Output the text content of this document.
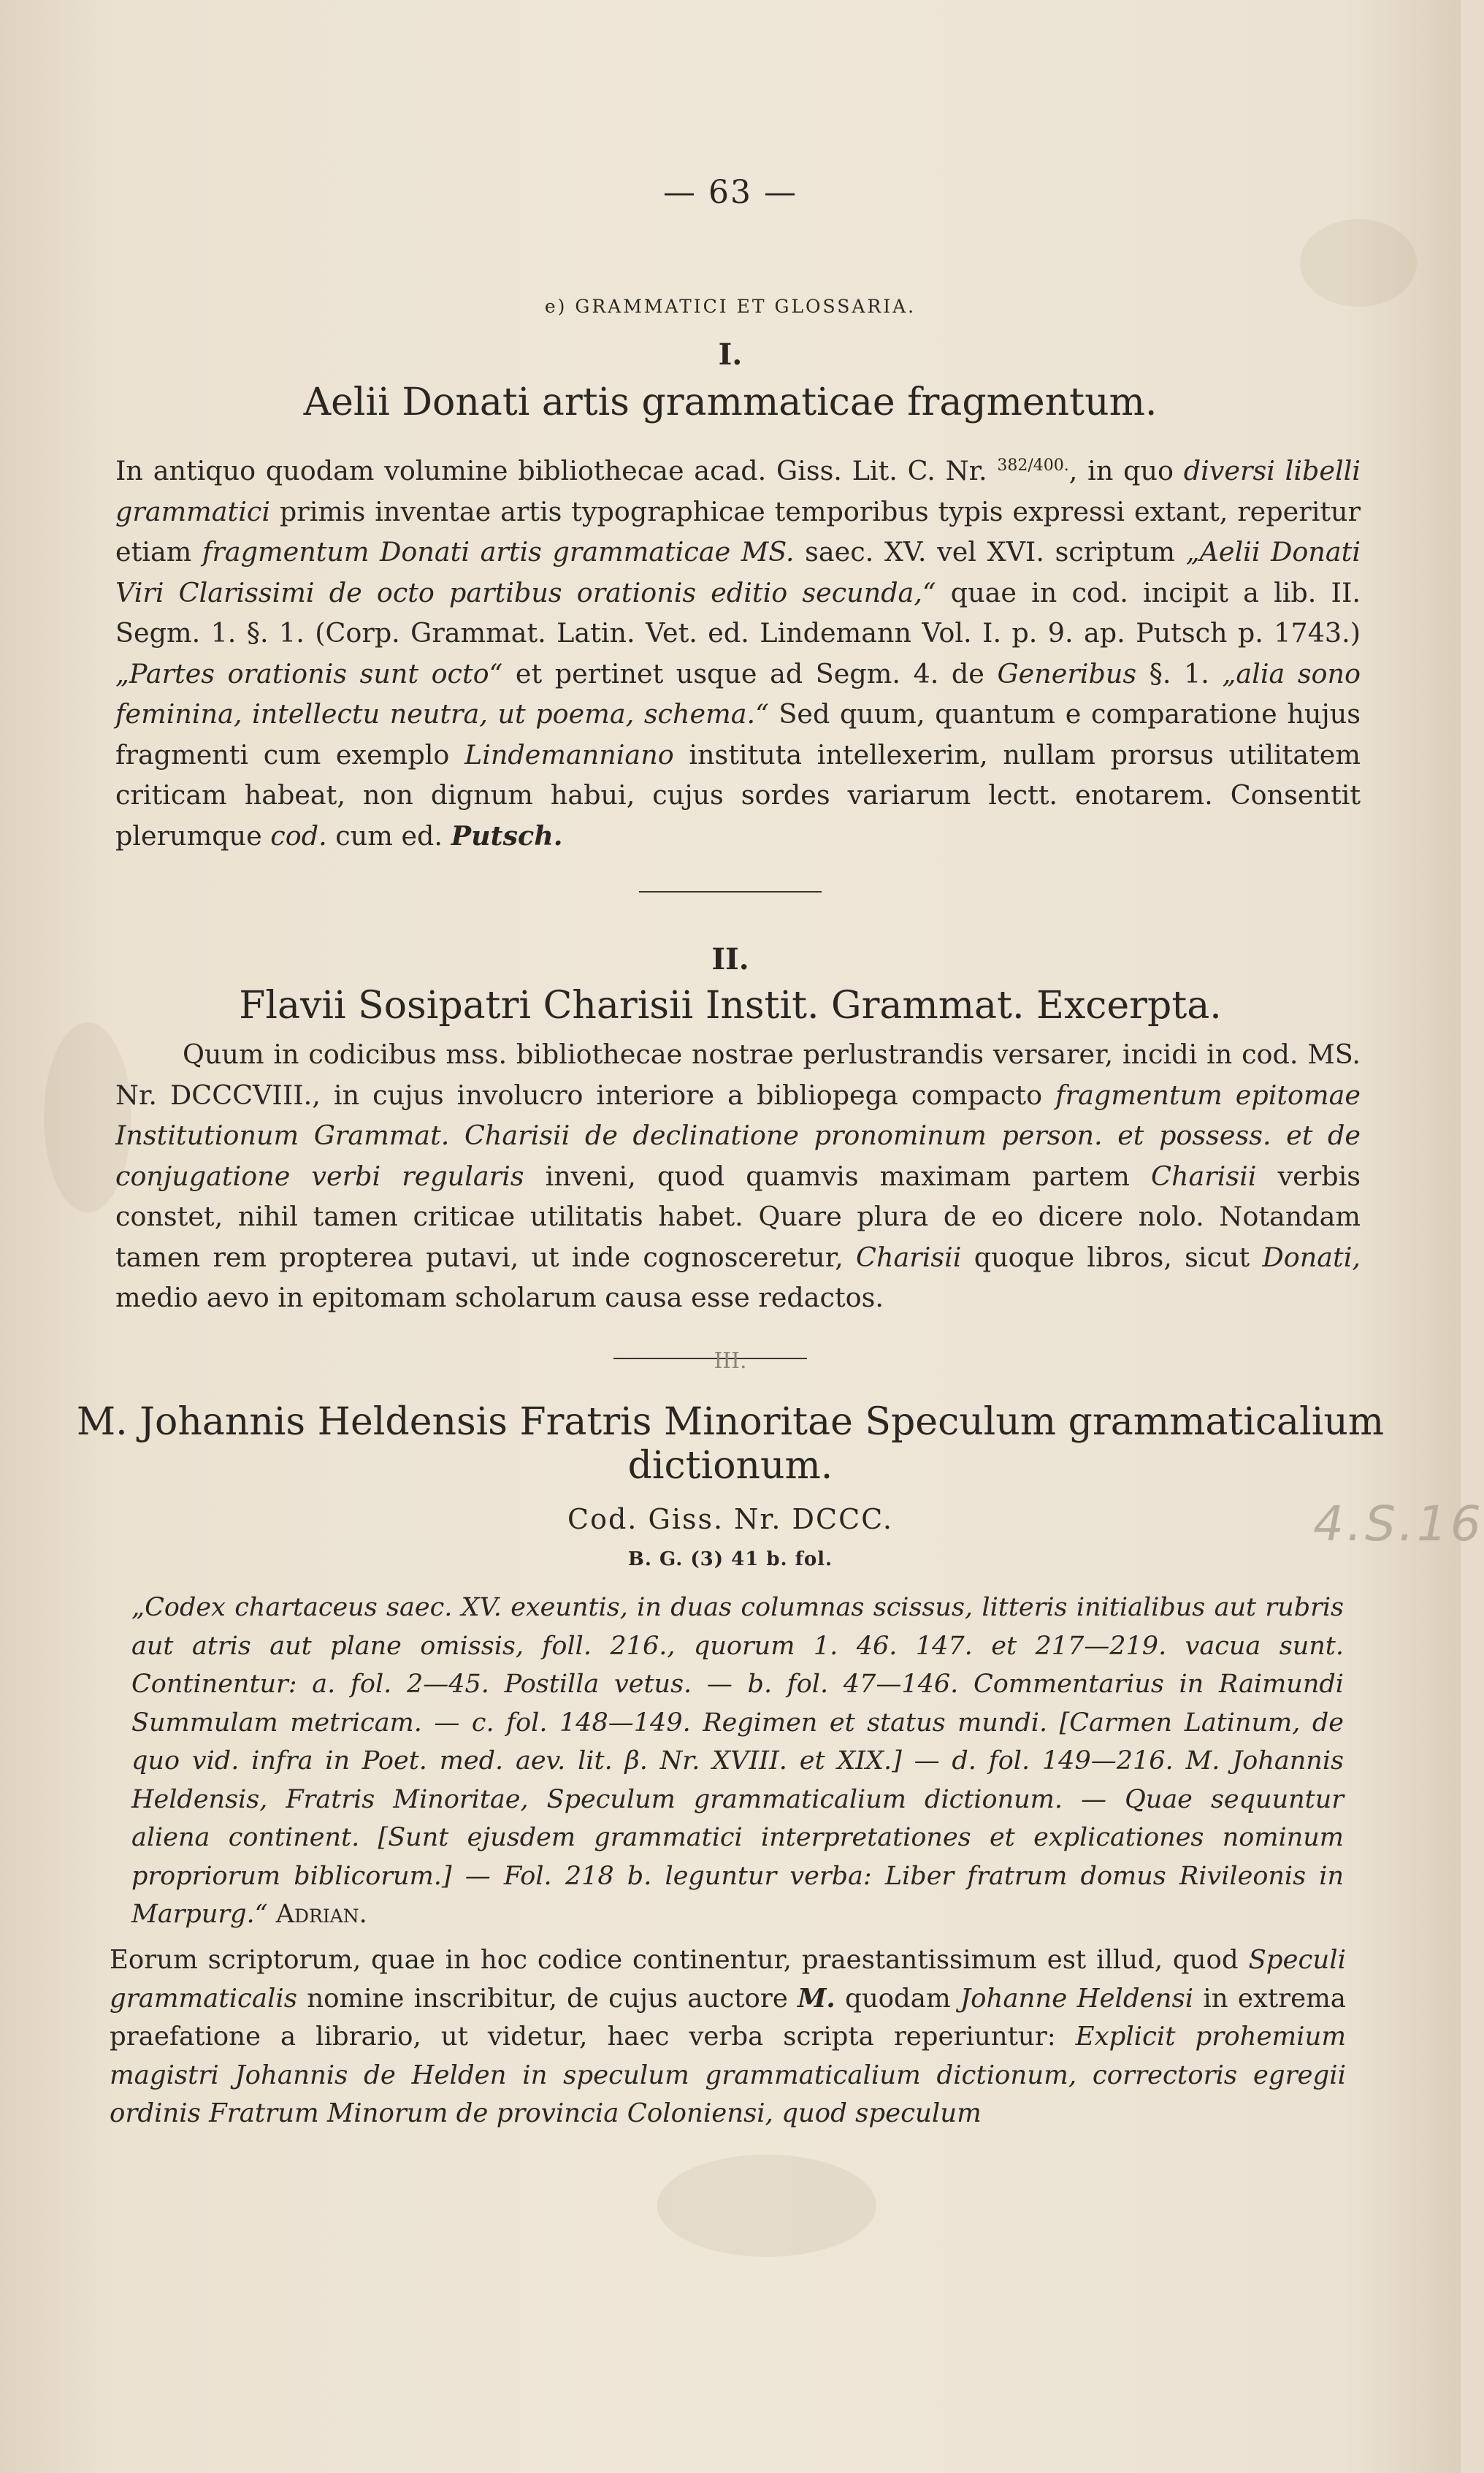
— 63 —
e) GRAMMATICI ET GLOSSARIA.
I.
Aelii Donati artis grammaticae fragmentum.
In antiquo quodam volumine bibliothecae acad. Giss. Lit. C. Nr. $^{382/400.}$, in quo diversi libelli grammatici primis inventae artis typographicae temporibus typis expressi extant, reperitur etiam fragmentum Donati artis grammaticae MS. saec. XV. vel XVI. scriptum „Aelii Donati Viri Clarissimi de octo partibus orationis editio secunda,“ quae in cod. incipit a lib. II. Segm. 1. §. 1. (Corp. Grammat. Latin. Vet. ed. Lindemann Vol. I. p. 9. ap. Putsch p. 1743.) „Partes orationis sunt octo“ et pertinet usque ad Segm. 4. de Generibus §. 1. „alia sono feminina, intellectu neutra, ut poema, schema.“ Sed quum, quantum e comparatione hujus fragmenti cum exemplo Lindemanniano instituta intellexerim, nullam prorsus utilitatem criticam habeat, non dignum habui, cujus sordes variarum lectt. enotarem. Consentit plerumque cod. cum ed. Putsch.
II.
Flavii Sosipatri Charisii Instit. Grammat. Excerpta.
Quum in codicibus mss. bibliothecae nostrae perlustrandis versarer, incidi in cod. MS. Nr. DCCCVIII., in cujus involucro interiore a bibliopega compacto fragmentum epitomae Institutionum Grammat. Charisii de declinatione pronominum person. et possess. et de conjugatione verbi regularis inveni, quod quamvis maximam partem Charisii verbis constet, nihil tamen criticae utilitatis habet. Quare plura de eo dicere nolo. Notandam tamen rem propterea putavi, ut inde cognosceretur, Charisii quoque libros, sicut Donati, medio aevo in epitomam scholarum causa esse redactos.
III.
M. Johannis Heldensis Fratris Minoritae Speculum grammaticalium
dictionum.
4.S.16
Cod. Giss. Nr. DCCC.
B. G. (3) 41 b. fol.
„Codex chartaceus saec. XV. exeuntis, in duas columnas scissus, litteris initialibus aut rubris aut atris aut plane omissis, foll. 216., quorum 1. 46. 147. et 217—219. vacua sunt. Continentur: a. fol. 2—45. Postilla vetus. — b. fol. 47—146. Commentarius in Raimundi Summulam metricam. — c. fol. 148—149. Regimen et status mundi. [Carmen Latinum, de quo vid. infra in Poet. med. aev. lit. β. Nr. XVIII. et XIX.] — d. fol. 149—216. M. Johannis Heldensis, Fratris Minoritae, Speculum grammaticalium dictionum. — Quae sequuntur aliena continent. [Sunt ejusdem grammatici interpretationes et explicationes nominum propriorum biblicorum.] — Fol. 218 b. leguntur verba: Liber fratrum domus Rivileonis in Marpurg.“ Adrian.
Eorum scriptorum, quae in hoc codice continentur, praestantissimum est illud, quod Speculi grammaticalis nomine inscribitur, de cujus auctore M. quodam Johanne Heldensi in extrema praefatione a librario, ut videtur, haec verba scripta reperiuntur: Explicit prohemium magistri Johannis de Helden in speculum grammaticalium dictionum, correctoris egregii ordinis Fratrum Minorum de provincia Coloniensi, quod speculum
